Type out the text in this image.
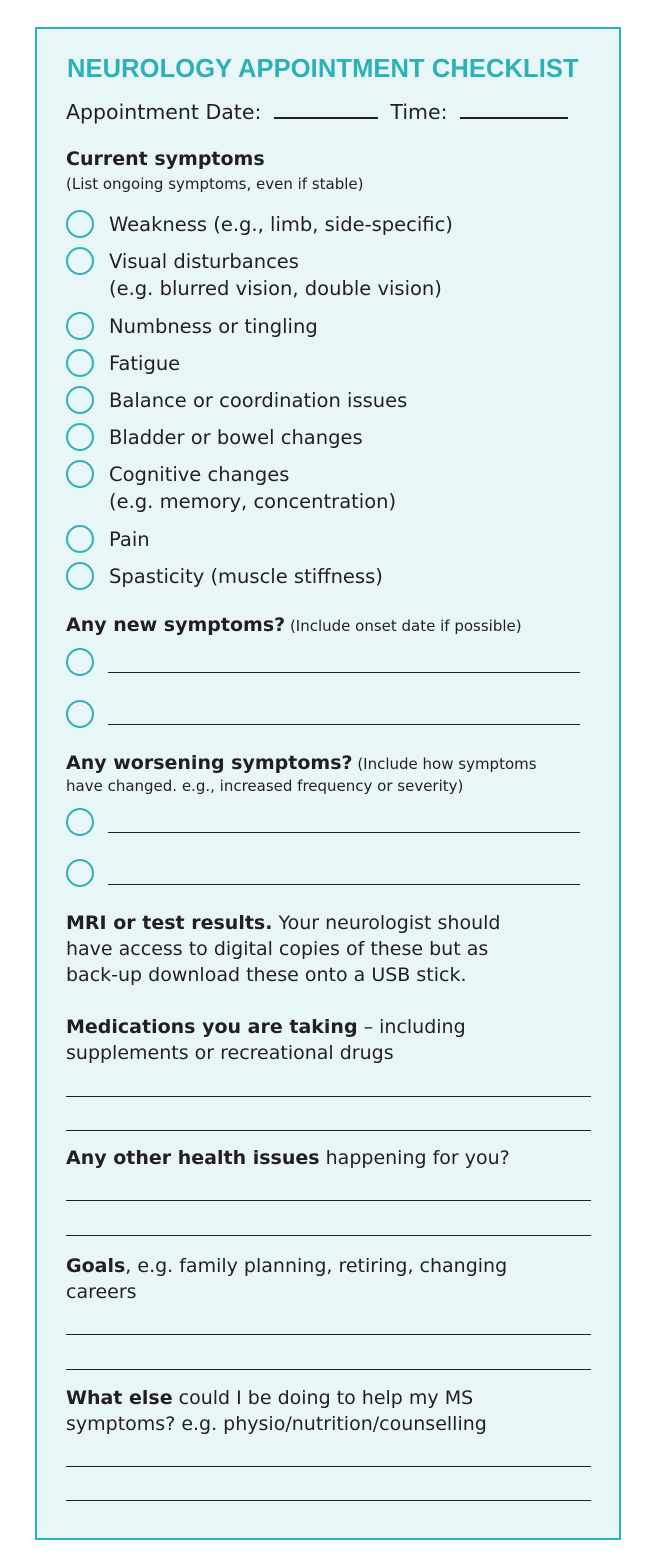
NEUROLOGY APPOINTMENT CHECKLIST
Appointment Date:	Time:
Current symptoms
(List ongoing symptoms, even if stable)
Weakness (e.g., limb, side-specific)
Visual disturbances
(e.g. blurred vision, double vision)
Numbness or tingling
Fatigue
Balance or coordination issues
Bladder or bowel changes
Cognitive changes
(e.g. memory, concentration)
Pain
Spasticity (muscle stiffness)
Any new symptoms? (Include onset date if possible)
Any worsening symptoms? (Include how symptoms
have changed. e.g., increased frequency or severity)
MRI or test results. Your neurologist should
have access to digital copies of these but as
back-up download these onto a USB stick.
Medications you are taking – including
supplements or recreational drugs
Any other health issues happening for you?
Goals, e.g. family planning, retiring, changing
careers
What else could I be doing to help my MS
symptoms? e.g. physio/nutrition/counselling
